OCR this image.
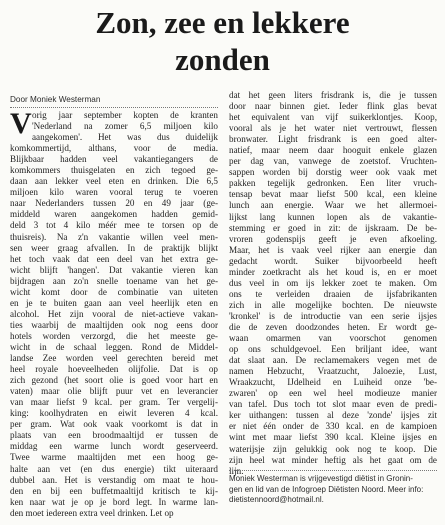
Zon, zee en lekkere
zonden
Door Moniek Westerman
V orig jaar september kopten de kranten
'Nederland na zomer 6,5 miljoen kilo
aangekomen'. Het was dus duidelijk
komkommertijd, althans, voor de media.
Blijkbaar hadden veel vakantiegangers de
komkommers thuisgelaten en zich tegoed ge-
daan aan lekker veel eten en drinken. Die 6,5
miljoen kilo waren vooral terug te voeren
naar Nederlanders tussen 20 en 49 jaar (ge-
middeld waren aangekomen hadden gemid-
deld 3 tot 4 kilo méér mee te torsen op de
thuisreis). Na z'n vakantie willen veel men-
sen weer graag afvallen. In de praktijk blijkt
het toch vaak dat een deel van het extra ge-
wicht blijft 'hangen'. Dat vakantie vieren kan
bijdragen aan zo'n snelle toename van het ge-
wicht komt door de combinatie van uiteten
en je te buiten gaan aan veel heerlijk eten en
alcohol. Het zijn vooral de niet-actieve vakan-
ties waarbij de maaltijden ook nog eens door
hotels worden verzorgd, die het meeste ge-
wicht in de schaal leggen. Rond de Middel-
landse Zee worden veel gerechten bereid met
heel royale hoeveelheden olijfolie. Dat is op
zich gezond (het soort olie is goed voor hart en
vaten) maar olie blijft puur vet en leverancier
van maar liefst 9 kcal. per gram. Ter vergelij-
king: koolhydraten en eiwit leveren 4 kcal.
per gram. Wat ook vaak voorkomt is dat in
plaats van een broodmaaltijd er tussen de
middag een warme lunch wordt geserveerd.
Twee warme maaltijden met een hoog ge-
halte aan vet (en dus energie) tikt uiteraard
dubbel aan. Het is verstandig om maat te hou-
den en bij een buffetmaaltijd kritisch te kij-
ken naar wat je op je bord legt. In warme lan-
den moet iedereen extra veel drinken. Let op
dat het geen liters frisdrank is, die je tussen
door naar binnen giet. Ieder flink glas bevat
het equivalent van vijf suikerklontjes. Koop,
vooral als je het water niet vertrouwt, flessen
bronwater. Light frisdrank is een goed alter-
natief, maar neem daar hooguit enkele glazen
per dag van, vanwege de zoetstof. Vruchten-
sappen worden bij dorstig weer ook vaak met
pakken tegelijk gedronken. Een liter vruch-
tensap bevat maar liefst 500 kcal, een kleine
lunch aan energie. Waar we het allermoei-
lijkst lang kunnen lopen als de vakantie-
stemming er goed in zit: de ijskraam. De be-
vroren godenspijs geeft je even afkoeling.
Maar, het is vaak veel rijker aan energie dan
gedacht wordt. Suiker bijvoorbeeld heeft
minder zoetkracht als het koud is, en er moet
dus veel in om ijs lekker zoet te maken. Om
ons te verleiden draaien de ijsfabrikanten
zich in alle mogelijke bochten. De nieuwste
'kronkel' is de introductie van een serie ijsjes
die de zeven doodzondes heten. Er wordt ge-
waan omarmen van voorschot genomen
op ons schuldgevoel. Een briljant idee, want
dat slaat aan. De reclamemakers vegen met de
namen Hebzucht, Vraatzucht, Jaloezie, Lust,
Wraakzucht, IJdelheid en Luiheid onze 'be-
zwaren' op een wel heel modieuze manier
van tafel. Dus toch tot slot maar even de predi-
ker uithangen: tussen al deze 'zonde' ijsjes zit
er niet één onder de 330 kcal. en de kampioen
wint met maar liefst 390 kcal. Kleine ijsjes en
waterijsje zijn gelukkig ook nog te koop. Die
zijn heel wat minder heftig als het gaat om de
lijn.
Moniek Westerman is vrijgevestigd diëtist in Gronin-
gen en lid van de Infogroep Diëtisten Noord. Meer info:
dietistennoord@hotmail.nl.
